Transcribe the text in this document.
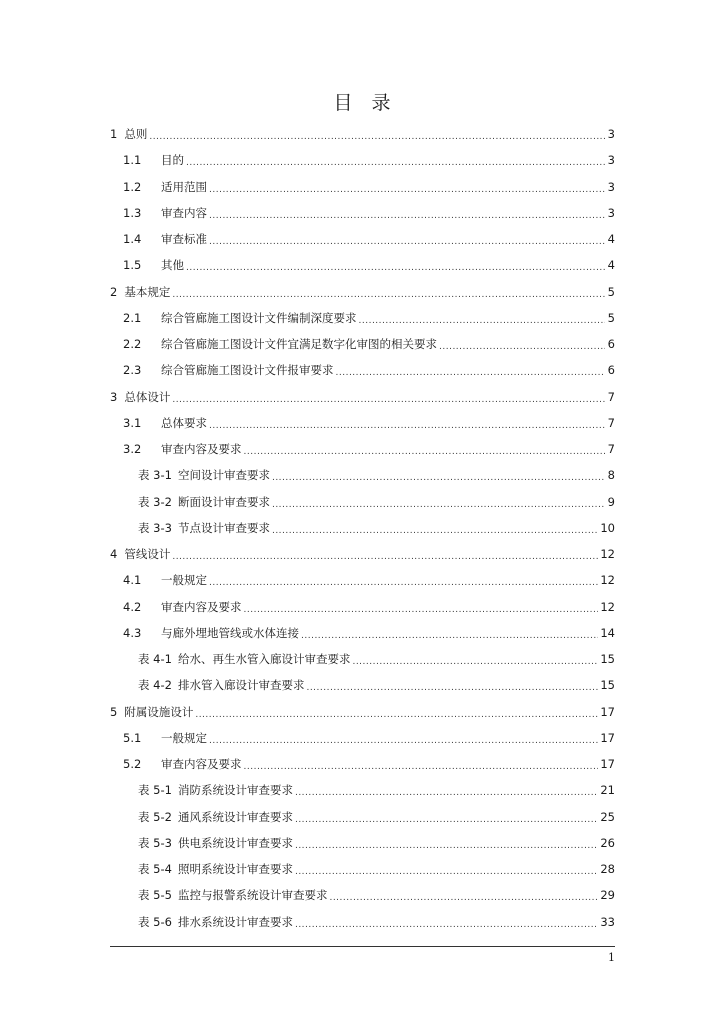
目　录
1 总则 .....	3
1.1	目的 .....	3
1.2	适用范围 .....	3
1.3	审查内容 .....	3
1.4	审查标准 .....	4
1.5	其他 .....	4
2 基本规定 .....	5
2.1	综合管廊施工图设计文件编制深度要求 .....	5
2.2	综合管廊施工图设计文件宜满足数字化审图的相关要求 .....	6
2.3	综合管廊施工图设计文件报审要求 .....	6
3 总体设计 .....	7
3.1	总体要求 .....	7
3.2	审查内容及要求 .....	7
表 3-1 空间设计审查要求 .....	8
表 3-2 断面设计审查要求 .....	9
表 3-3 节点设计审查要求 .....	10
4 管线设计 .....	12
4.1	一般规定 .....	12
4.2	审查内容及要求 .....	12
4.3	与廊外埋地管线或水体连接 .....	14
表 4-1 给水、再生水管入廊设计审查要求 .....	15
表 4-2 排水管入廊设计审查要求 .....	15
5 附属设施设计 .....	17
5.1	一般规定 .....	17
5.2	审查内容及要求 .....	17
表 5-1 消防系统设计审查要求 .....	21
表 5-2 通风系统设计审查要求 .....	25
表 5-3 供电系统设计审查要求 .....	26
表 5-4 照明系统设计审查要求 .....	28
表 5-5 监控与报警系统设计审查要求 .....	29
表 5-6 排水系统设计审查要求 .....	33
1
